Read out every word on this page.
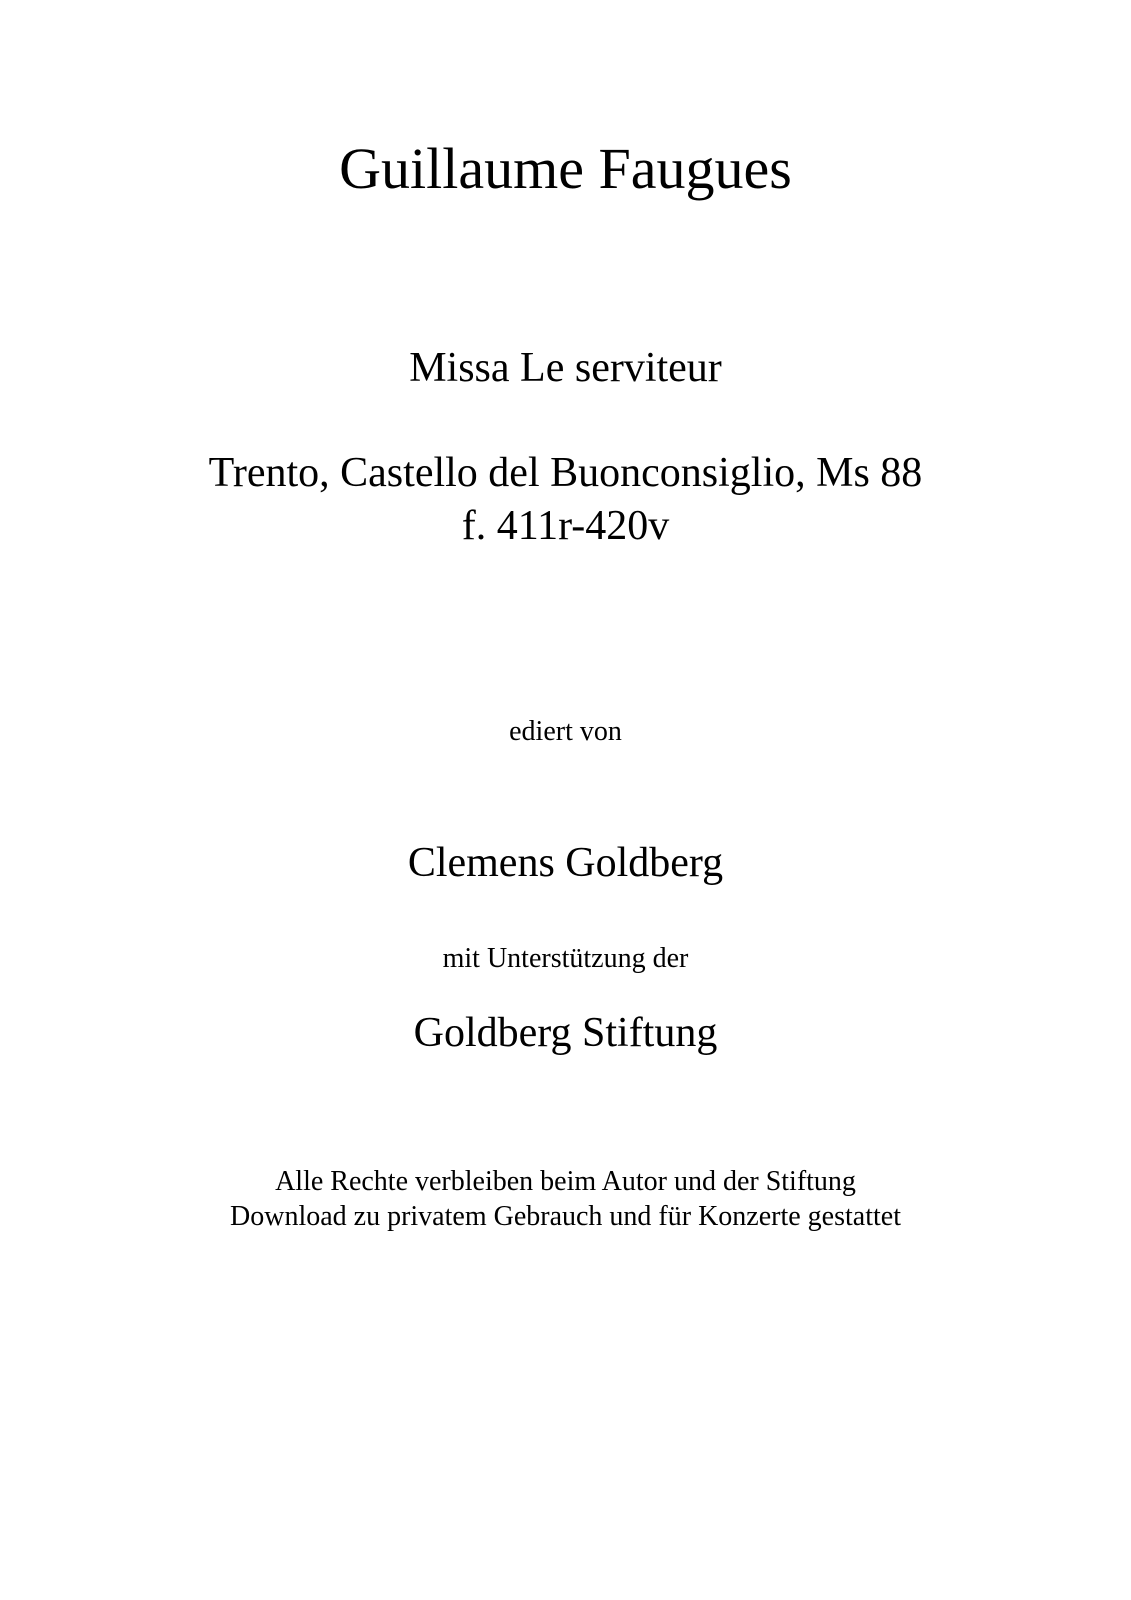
Guillaume Faugues
Missa Le serviteur
Trento, Castello del Buonconsiglio, Ms 88
f. 411r-420v
ediert von
Clemens Goldberg
mit Unterstützung der
Goldberg Stiftung
Alle Rechte verbleiben beim Autor und der Stiftung
Download zu privatem Gebrauch und für Konzerte gestattet
